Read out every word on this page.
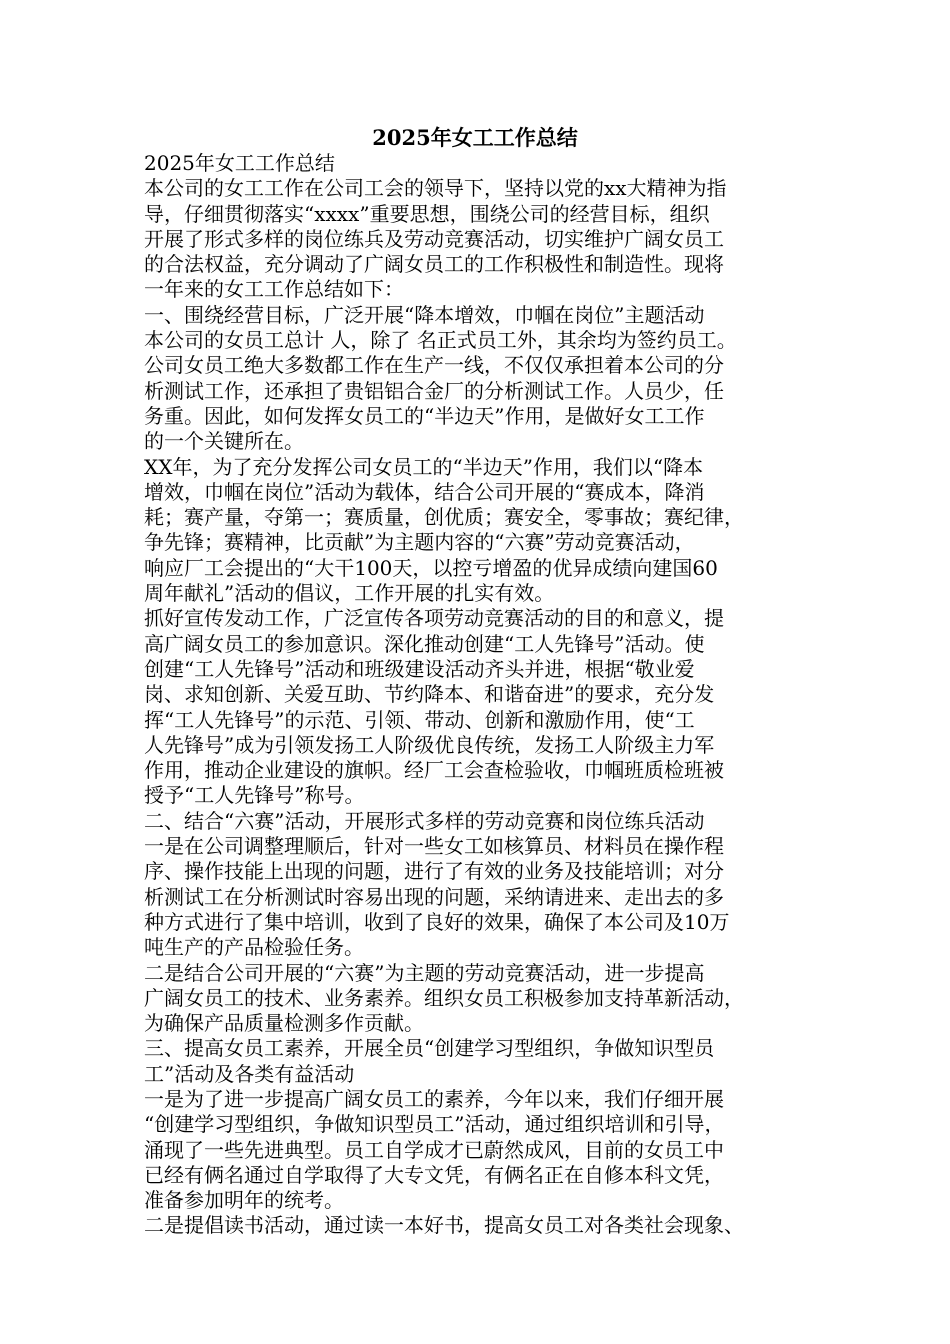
2025年女工工作总结
2025年女工工作总结
本公司的女工工作在公司工会的领导下，坚持以党的xx大精神为指
导，仔细贯彻落实“xxxx”重要思想，围绕公司的经营目标，组织
开展了形式多样的岗位练兵及劳动竞赛活动，切实维护广阔女员工
的合法权益，充分调动了广阔女员工的工作积极性和制造性。现将
一年来的女工工作总结如下：
一、围绕经营目标，广泛开展“降本增效，巾帼在岗位”主题活动
本公司的女员工总计 人，除了 名正式员工外，其余均为签约员工。
公司女员工绝大多数都工作在生产一线，不仅仅承担着本公司的分
析测试工作，还承担了贵铝铝合金厂的分析测试工作。人员少，任
务重。因此，如何发挥女员工的“半边天”作用，是做好女工工作
的一个关键所在。
XX年，为了充分发挥公司女员工的“半边天”作用，我们以“降本
增效，巾帼在岗位”活动为载体，结合公司开展的“赛成本，降消
耗；赛产量，夺第一；赛质量，创优质；赛安全，零事故；赛纪律，
争先锋；赛精神，比贡献”为主题内容的“六赛”劳动竞赛活动，
响应厂工会提出的“大干100天，以控亏增盈的优异成绩向建国60
周年献礼”活动的倡议，工作开展的扎实有效。
抓好宣传发动工作，广泛宣传各项劳动竞赛活动的目的和意义，提
高广阔女员工的参加意识。深化推动创建“工人先锋号”活动。使
创建“工人先锋号”活动和班级建设活动齐头并进，根据“敬业爱
岗、求知创新、关爱互助、节约降本、和谐奋进”的要求，充分发
挥“工人先锋号”的示范、引领、带动、创新和激励作用，使“工
人先锋号”成为引领发扬工人阶级优良传统，发扬工人阶级主力军
作用，推动企业建设的旗帜。经厂工会查检验收，巾帼班质检班被
授予“工人先锋号”称号。
二、结合“六赛”活动，开展形式多样的劳动竞赛和岗位练兵活动
一是在公司调整理顺后，针对一些女工如核算员、材料员在操作程
序、操作技能上出现的问题，进行了有效的业务及技能培训；对分
析测试工在分析测试时容易出现的问题，采纳请进来、走出去的多
种方式进行了集中培训，收到了良好的效果，确保了本公司及10万
吨生产的产品检验任务。
二是结合公司开展的“六赛”为主题的劳动竞赛活动，进一步提高
广阔女员工的技术、业务素养。组织女员工积极参加支持革新活动，
为确保产品质量检测多作贡献。
三、提高女员工素养，开展全员“创建学习型组织，争做知识型员
工”活动及各类有益活动
一是为了进一步提高广阔女员工的素养，今年以来，我们仔细开展
“创建学习型组织，争做知识型员工”活动，通过组织培训和引导，
涌现了一些先进典型。员工自学成才已蔚然成风，目前的女员工中
已经有俩名通过自学取得了大专文凭，有俩名正在自修本科文凭，
准备参加明年的统考。
二是提倡读书活动，通过读一本好书，提高女员工对各类社会现象、
